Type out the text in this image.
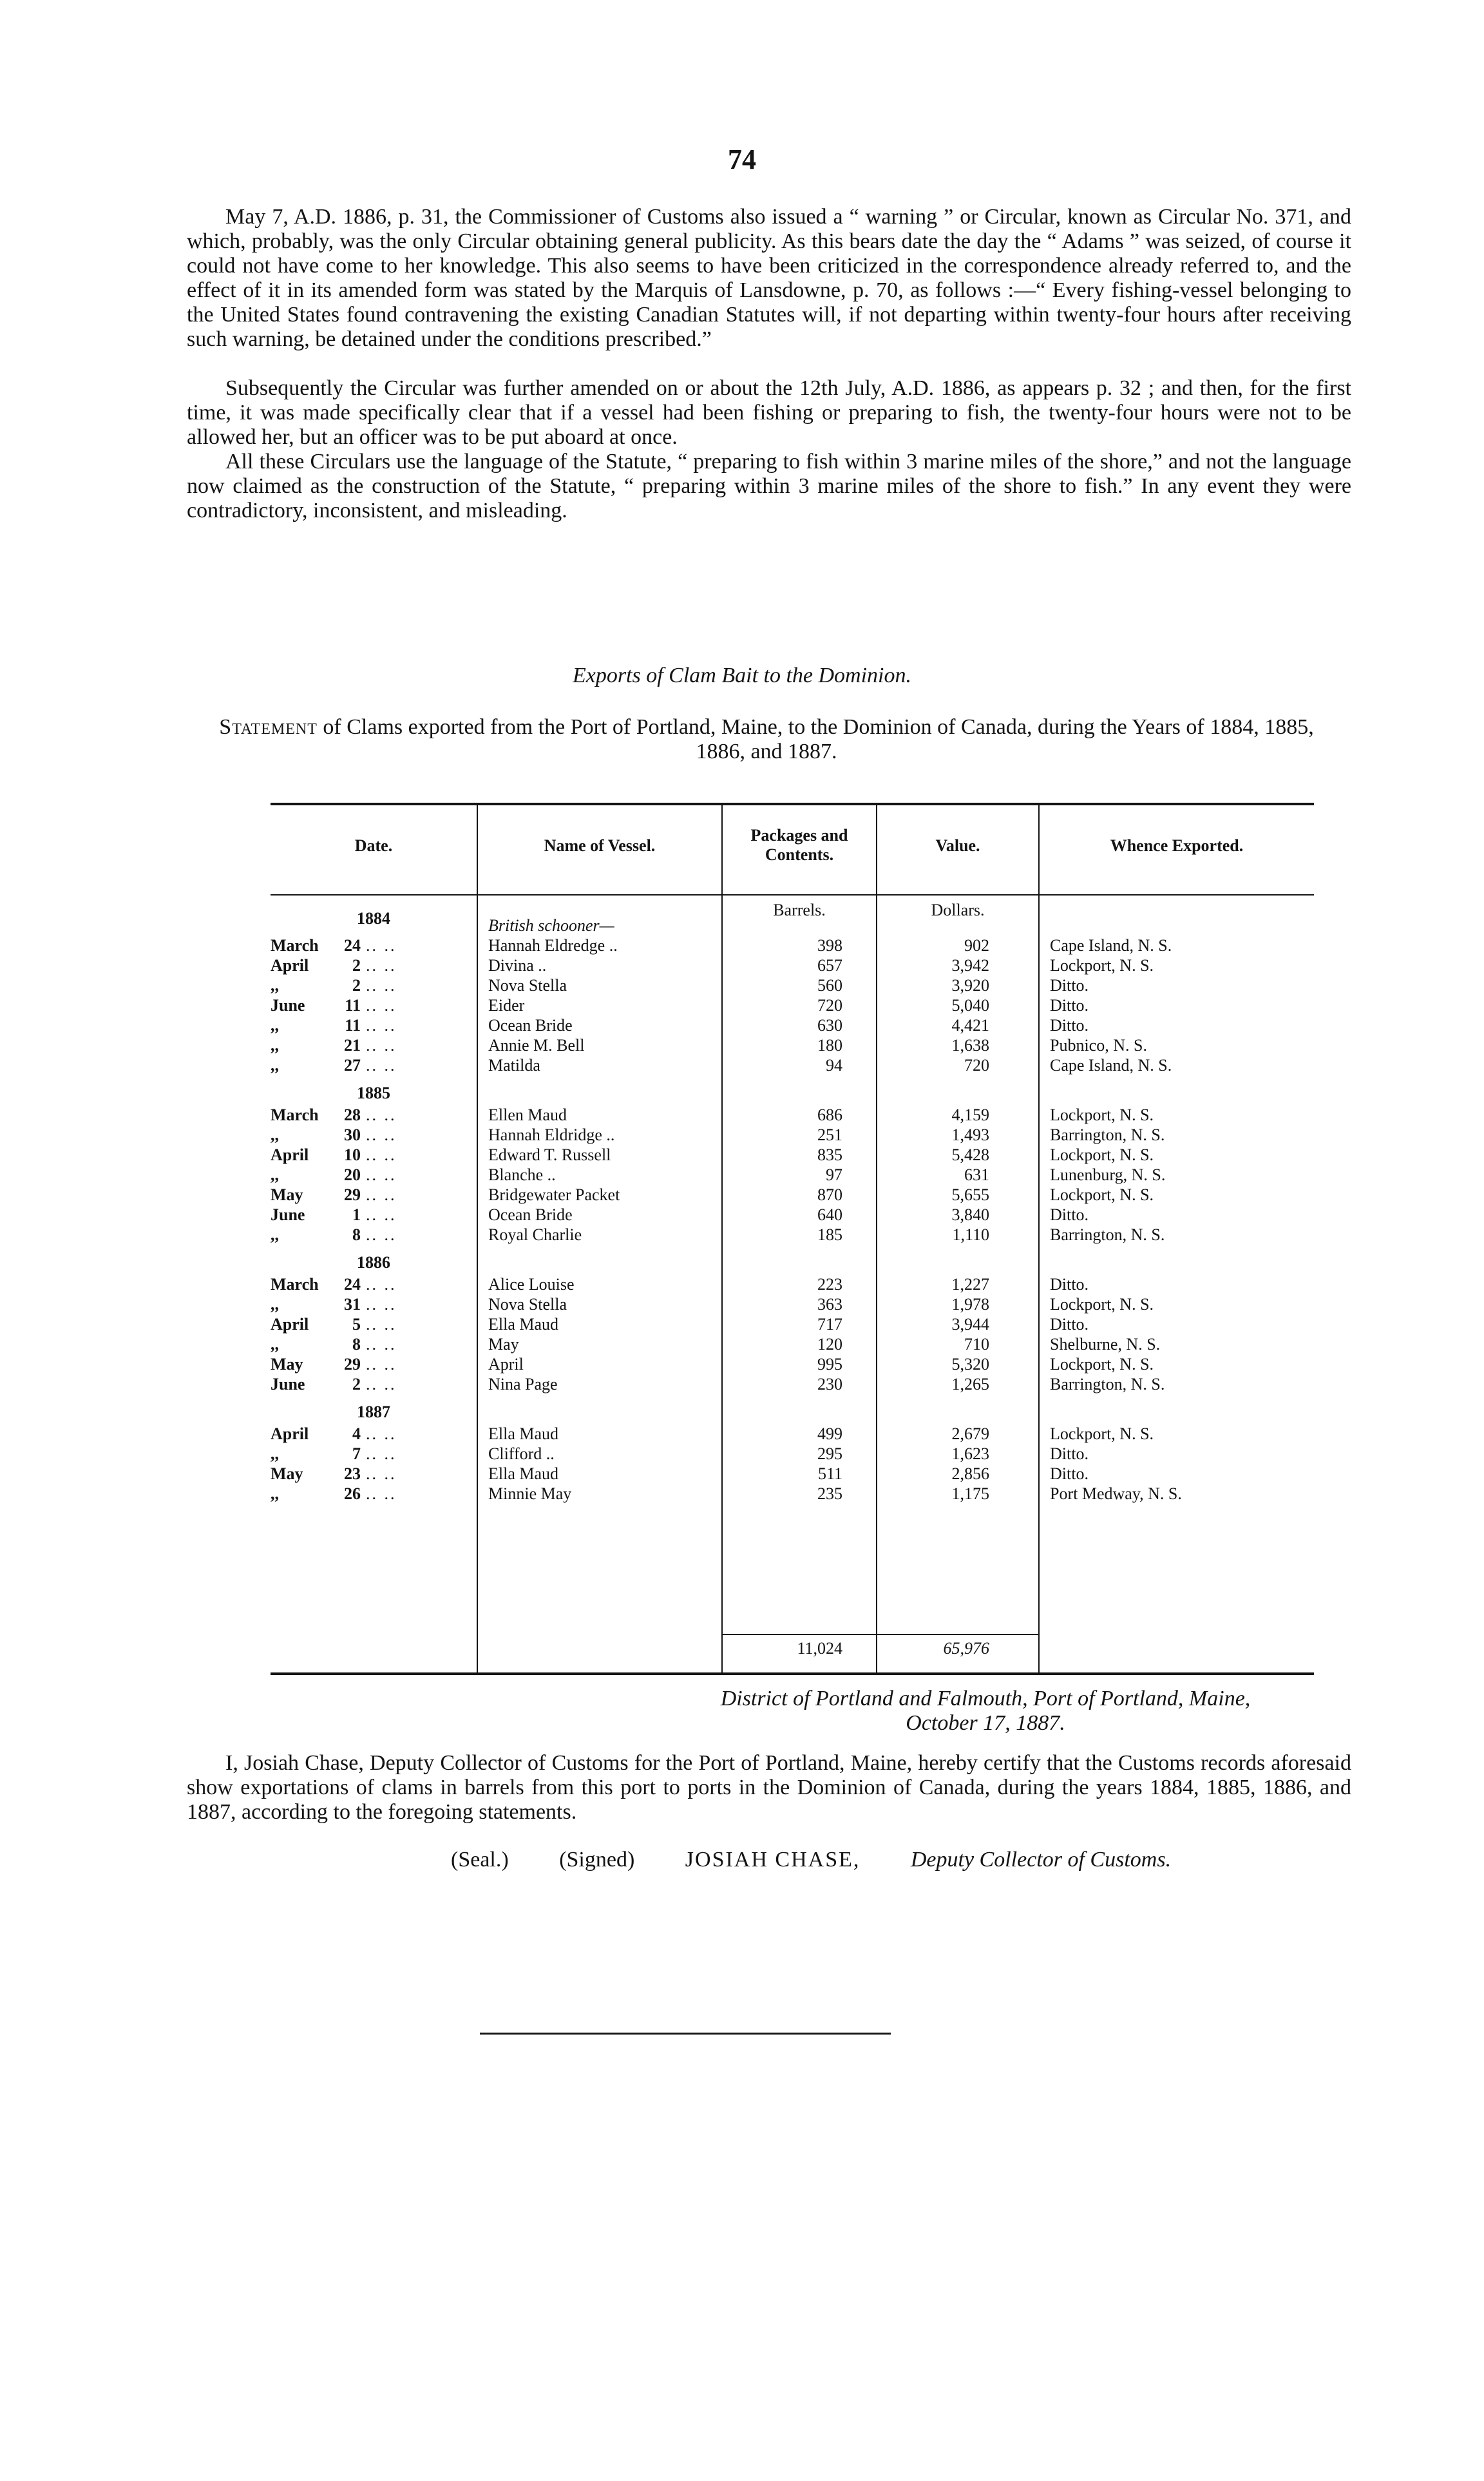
74

May 7, A.D. 1886, p. 31, the Commissioner of Customs also issued a “ warning ” or Circular, known as Circular No. 371, and which, probably, was the only Circular obtaining general publicity. As this bears date the day the “ Adams ” was seized, of course it could not have come to her knowledge. This also seems to have been criticized in the correspondence already referred to, and the effect of it in its amended form was stated by the Marquis of Lansdowne, p. 70, as follows :—“ Every fishing-vessel belonging to the United States found contravening the existing Canadian Statutes will, if not departing within twenty-four hours after receiving such warning, be detained under the conditions prescribed.”

Subsequently the Circular was further amended on or about the 12th July, A.D. 1886, as appears p. 32 ; and then, for the first time, it was made specifically clear that if a vessel had been fishing or preparing to fish, the twenty-four hours were not to be allowed her, but an officer was to be put aboard at once.

All these Circulars use the language of the Statute, “ preparing to fish within 3 marine miles of the shore,” and not the language now claimed as the construction of the Statute, “ preparing within 3 marine miles of the shore to fish.” In any event they were contradictory, inconsistent, and misleading.

Exports of Clam Bait to the Dominion.
Statement of Clams exported from the Port of Portland, Maine, to the Dominion of Canada, during the Years of 1884, 1885, 1886, and 1887.
Date.	Name of Vessel.
Packages and Contents.	Value.	Whence Exported.
Barrels.	Dollars.
1884	British schooner—
March	24 .. ..	Hannah Eldredge ..	398	902	Cape Island, N. S.
April	2 .. ..	Divina ..	657	3,942	Lockport, N. S.
,,	2 .. ..	Nova Stella	560	3,920	Ditto.
June	11 .. ..	Eider	720	5,040	Ditto.
,,	11 .. ..	Ocean Bride	630	4,421	Ditto.
,,	21 .. ..	Annie M. Bell	180	1,638	Pubnico, N. S.
,,	27 .. ..	Matilda	94	720	Cape Island, N. S.
1885
March	28 .. ..	Ellen Maud	686	4,159	Lockport, N. S.
,,	30 .. ..	Hannah Eldridge ..	251	1,493	Barrington, N. S.
April	10 .. ..	Edward T. Russell	835	5,428	Lockport, N. S.
,,	20 .. ..	Blanche ..	97	631	Lunenburg, N. S.
May	29 .. ..	Bridgewater Packet	870	5,655	Lockport, N. S.
June	1 .. ..	Ocean Bride	640	3,840	Ditto.
,,	8 .. ..	Royal Charlie	185	1,110	Barrington, N. S.
1886
March	24 .. ..	Alice Louise	223	1,227	Ditto.
,,	31 .. ..	Nova Stella	363	1,978	Lockport, N. S.
April	5 .. ..	Ella Maud	717	3,944	Ditto.
,,	8 .. ..	May	120	710	Shelburne, N. S.
May	29 .. ..	April	995	5,320	Lockport, N. S.
June	2 .. ..	Nina Page	230	1,265	Barrington, N. S.
1887
April	4 .. ..	Ella Maud	499	2,679	Lockport, N. S.
,,	7 .. ..	Clifford ..	295	1,623	Ditto.
May	23 .. ..	Ella Maud	511	2,856	Ditto.
,,	26 .. ..	Minnie May	235	1,175	Port Medway, N. S.
11,024	65,976
District of Portland and Falmouth, Port of Portland, Maine,
October 17, 1887.
I, Josiah Chase, Deputy Collector of Customs for the Port of Portland, Maine, hereby certify that the Customs records aforesaid show exportations of clams in barrels from this port to ports in the Dominion of Canada, during the years 1884, 1885, 1886, and 1887, according to the foregoing statements.
(Seal.) (Signed) JOSIAH CHASE, Deputy Collector of Customs.
